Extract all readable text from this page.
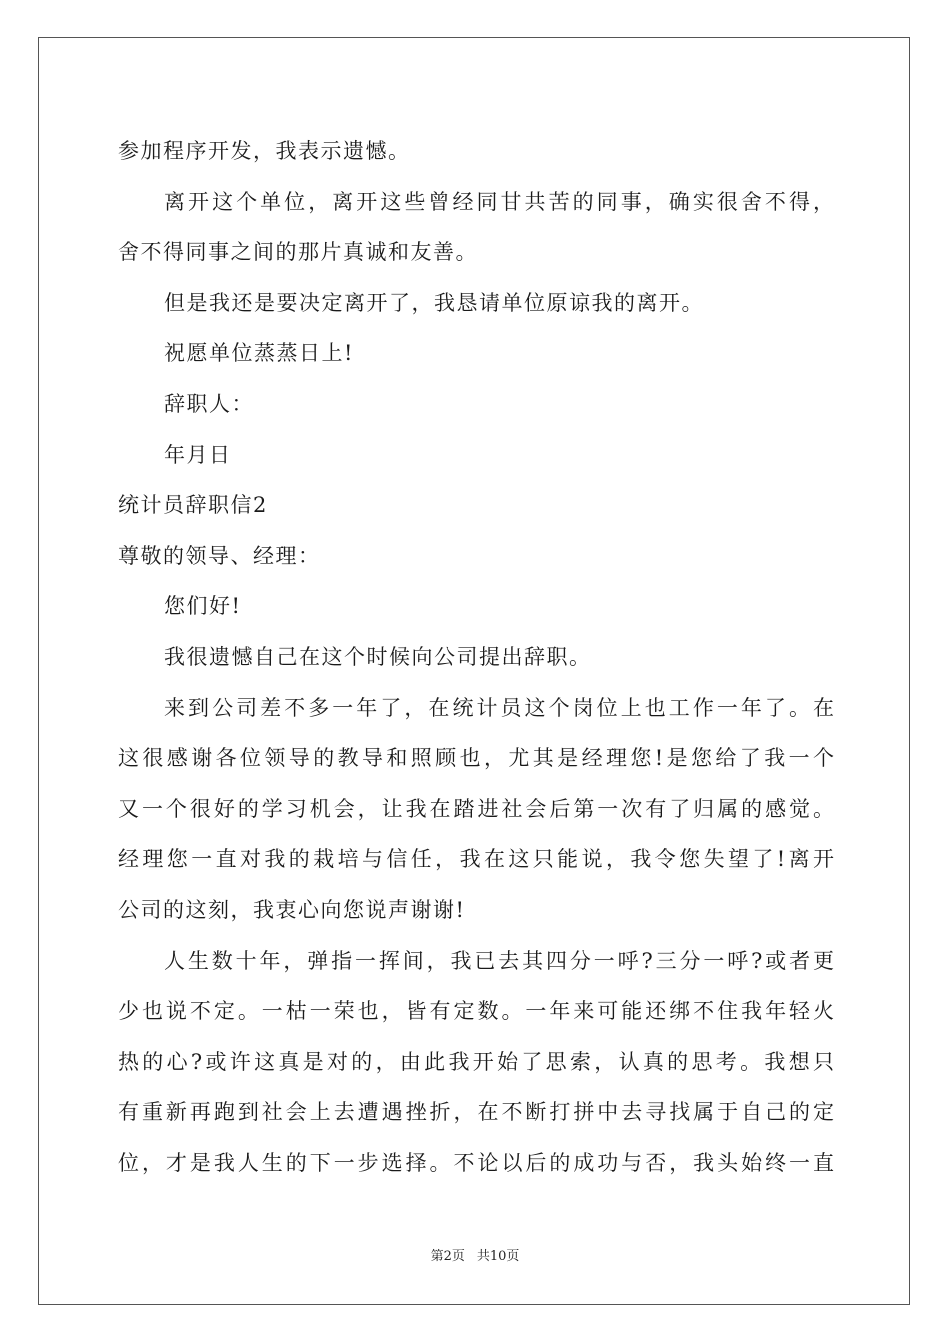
参加程序开发，我表示遗憾。
离开这个单位，离开这些曾经同甘共苦的同事，确实很舍不得，
舍不得同事之间的那片真诚和友善。
但是我还是要决定离开了，我恳请单位原谅我的离开。
祝愿单位蒸蒸日上!
辞职人：
年月日
统计员辞职信2
尊敬的领导、经理：
您们好!
我很遗憾自己在这个时候向公司提出辞职。
来到公司差不多一年了，在统计员这个岗位上也工作一年了。在
这很感谢各位领导的教导和照顾也，尤其是经理您!是您给了我一个
又一个很好的学习机会，让我在踏进社会后第一次有了归属的感觉。
经理您一直对我的栽培与信任，我在这只能说，我令您失望了!离开
公司的这刻，我衷心向您说声谢谢!
人生数十年，弹指一挥间，我已去其四分一呼?三分一呼?或者更
少也说不定。一枯一荣也，皆有定数。一年来可能还绑不住我年轻火
热的心?或许这真是对的，由此我开始了思索，认真的思考。我想只
有重新再跑到社会上去遭遇挫折，在不断打拼中去寻找属于自己的定
位，才是我人生的下一步选择。不论以后的成功与否，我头始终一直
第2页 共10页
